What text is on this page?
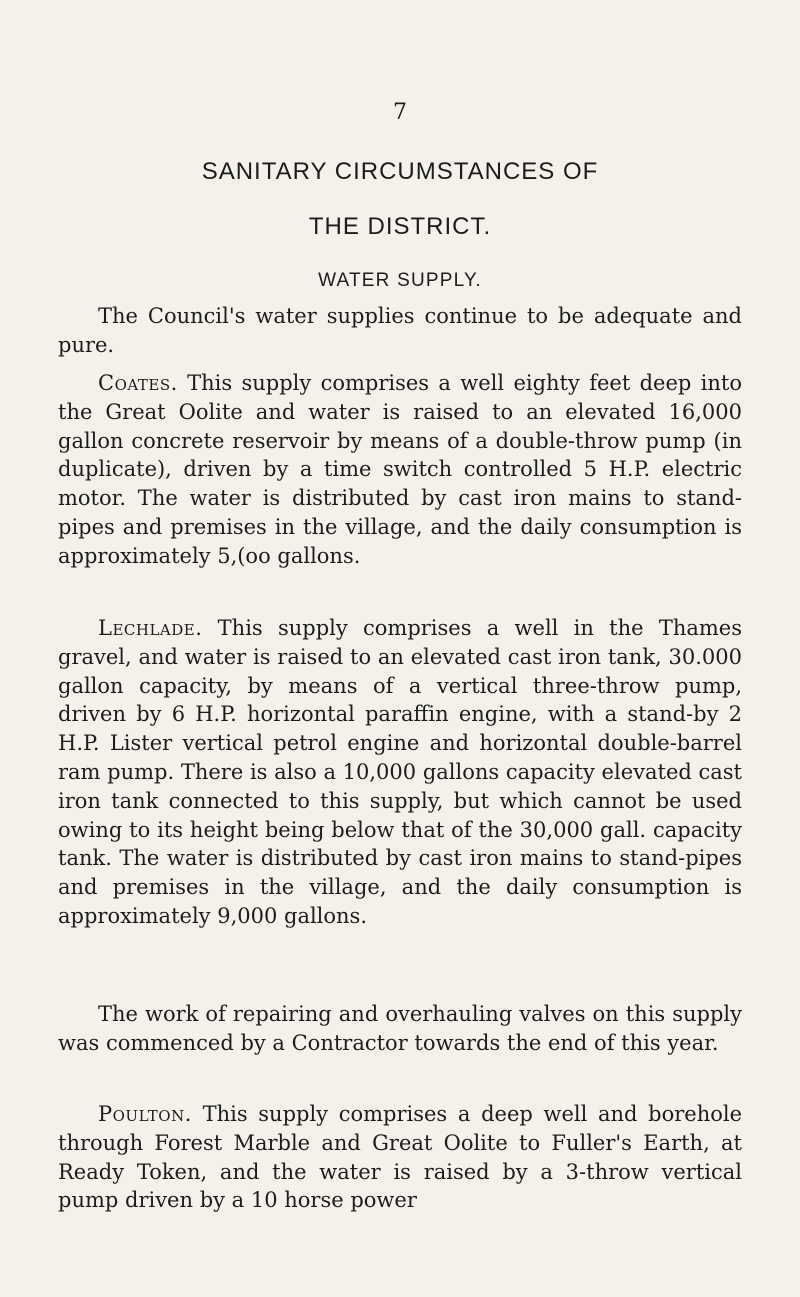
7
SANITARY CIRCUMSTANCES OF
THE DISTRICT.
WATER SUPPLY.

The Council's water supplies continue to be adequate and pure.

Coates. This supply comprises a well eighty feet deep into the Great Oolite and water is raised to an elevated 16,000 gallon concrete reservoir by means of a double-throw pump (in duplicate), driven by a time switch controlled 5 H.P. electric motor. The water is distributed by cast iron mains to stand-pipes and premises in the village, and the daily consumption is approximately 5,(oo gallons.

Lechlade. This supply comprises a well in the Thames gravel, and water is raised to an elevated cast iron tank, 30.000 gallon capacity, by means of a vertical three-throw pump, driven by 6 H.P. horizontal paraffin engine, with a stand-by 2 H.P. Lister vertical petrol engine and horizontal double-barrel ram pump. There is also a 10,000 gallons capacity elevated cast iron tank connected to this supply, but which cannot be used owing to its height being below that of the 30,000 gall. capacity tank. The water is distributed by cast iron mains to stand-pipes and premises in the village, and the daily consumption is approximately 9,000 gallons.

The work of repairing and overhauling valves on this supply was commenced by a Contractor towards the end of this year.

Poulton. This supply comprises a deep well and borehole through Forest Marble and Great Oolite to Fuller's Earth, at Ready Token, and the water is raised by a 3-throw vertical pump driven by a 10 horse power
